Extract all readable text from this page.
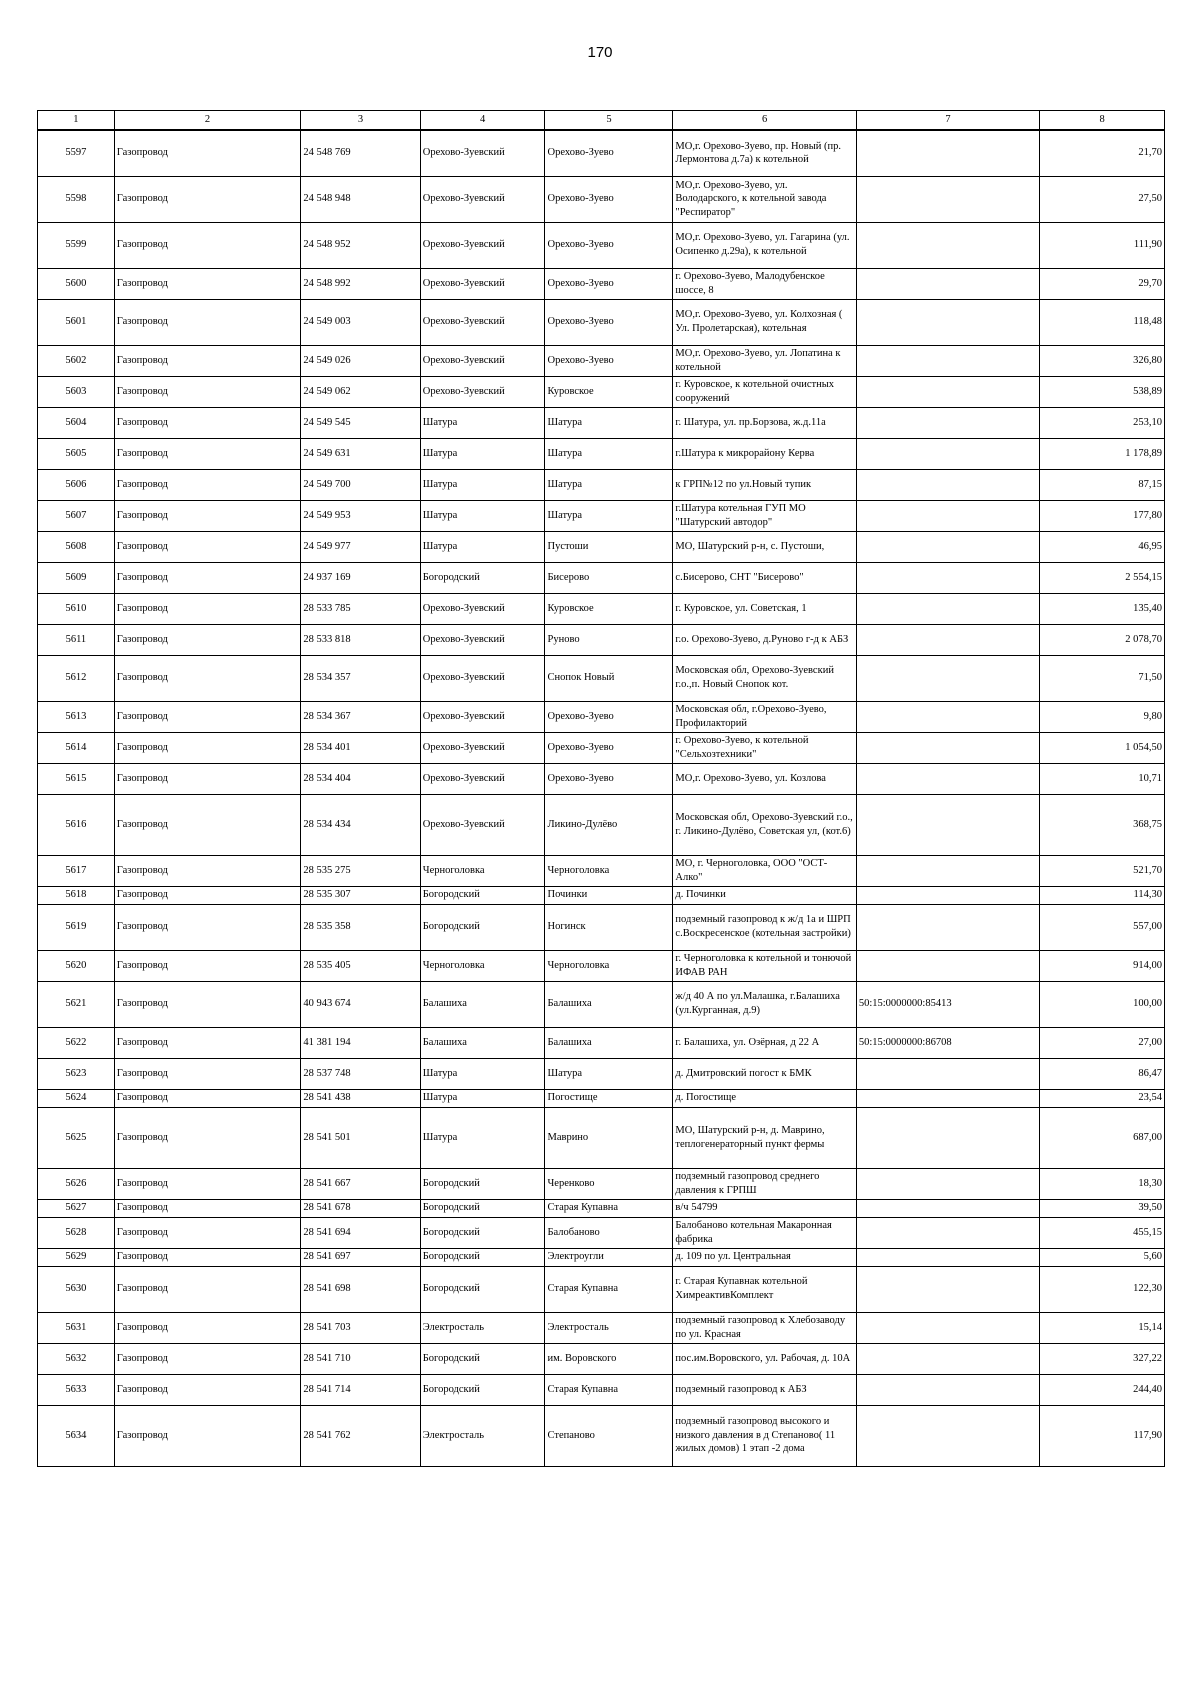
170
1	2	3	4	5	6	7	8
5597	Газопровод	24 548 769	Орехово-Зуевский	Орехово-Зуево	МО,г. Орехово-Зуево, пр. Новый (пр. Лермонтова д.7а) к котельной		21,70
5598	Газопровод	24 548 948	Орехово-Зуевский	Орехово-Зуево	МО,г. Орехово-Зуево, ул. Володарского, к котельной завода "Респиратор"		27,50
5599	Газопровод	24 548 952	Орехово-Зуевский	Орехово-Зуево	МО,г. Орехово-Зуево, ул. Гагарина (ул. Осипенко д.29а), к котельной		111,90
5600	Газопровод	24 548 992	Орехово-Зуевский	Орехово-Зуево	г. Орехово-Зуево, Малодубенское шоссе, 8		29,70
5601	Газопровод	24 549 003	Орехово-Зуевский	Орехово-Зуево	МО,г. Орехово-Зуево, ул. Колхозная ( Ул. Пролетарская), котельная		118,48
5602	Газопровод	24 549 026	Орехово-Зуевский	Орехово-Зуево	МО,г. Орехово-Зуево, ул. Лопатина к котельной		326,80
5603	Газопровод	24 549 062	Орехово-Зуевский	Куровское	г. Куровское, к котельной очистных сооружений		538,89
5604	Газопровод	24 549 545	Шатура	Шатура	г. Шатура, ул. пр.Борзова, ж.д.11а		253,10
5605	Газопровод	24 549 631	Шатура	Шатура	г.Шатура к микрорайону Керва		1 178,89
5606	Газопровод	24 549 700	Шатура	Шатура	к ГРП№12 по ул.Новый тупик		87,15
5607	Газопровод	24 549 953	Шатура	Шатура	г.Шатура котельная ГУП МО "Шатурский автодор"		177,80
5608	Газопровод	24 549 977	Шатура	Пустоши	МО, Шатурский р-н, с. Пустоши,		46,95
5609	Газопровод	24 937 169	Богородский	Бисерово	с.Бисерово, СНТ "Бисерово"		2 554,15
5610	Газопровод	28 533 785	Орехово-Зуевский	Куровское	г. Куровское, ул. Советская, 1		135,40
5611	Газопровод	28 533 818	Орехово-Зуевский	Руново	г.о. Орехово-Зуево, д.Руново г-д к АБЗ		2 078,70
5612	Газопровод	28 534 357	Орехово-Зуевский	Снопок Новый	Московская обл, Орехово-Зуевский г.о.,п. Новый Снопок кот.		71,50
5613	Газопровод	28 534 367	Орехово-Зуевский	Орехово-Зуево	Московская обл, г.Орехово-Зуево, Профилакторий		9,80
5614	Газопровод	28 534 401	Орехово-Зуевский	Орехово-Зуево	г. Орехово-Зуево, к котельной "Сельхозтехники"		1 054,50
5615	Газопровод	28 534 404	Орехово-Зуевский	Орехово-Зуево	МО,г. Орехово-Зуево, ул. Козлова		10,71
5616	Газопровод	28 534 434	Орехово-Зуевский	Ликино-Дулёво	Московская обл, Орехово-Зуевский г.о., г. Ликино-Дулёво, Советская ул, (кот.6)		368,75
5617	Газопровод	28 535 275	Черноголовка	Черноголовка	МО, г. Черноголовка, ООО "ОСТ-Алко"		521,70
5618	Газопровод	28 535 307	Богородский	Починки	д. Починки		114,30
5619	Газопровод	28 535 358	Богородский	Ногинск	подземный газопровод к ж/д 1а и ШРП с.Воскресенское (котельная застройки)		557,00
5620	Газопровод	28 535 405	Черноголовка	Черноголовка	г. Черноголовка к котельной и тонючой ИФАВ РАН		914,00
5621	Газопровод	40 943 674	Балашиха	Балашиха	ж/д 40 А по ул.Малашка, г.Балашиха (ул.Курганная, д.9)	50:15:0000000:85413	100,00
5622	Газопровод	41 381 194	Балашиха	Балашиха	г. Балашиха, ул. Озёрная, д 22 А	50:15:0000000:86708	27,00
5623	Газопровод	28 537 748	Шатура	Шатура	д. Дмитровский погост к БМК		86,47
5624	Газопровод	28 541 438	Шатура	Погостище	д. Погостище		23,54
5625	Газопровод	28 541 501	Шатура	Маврино	МО, Шатурский р-н, д. Маврино, теплогенераторный пункт фермы		687,00
5626	Газопровод	28 541 667	Богородский	Черенково	подземный газопровод среднего давления к ГРПШ		18,30
5627	Газопровод	28 541 678	Богородский	Старая Купавна	в/ч 54799		39,50
5628	Газопровод	28 541 694	Богородский	Балобаново	Балобаново котельная Макаронная фабрика		455,15
5629	Газопровод	28 541 697	Богородский	Электроугли	д. 109 по ул. Центральная		5,60
5630	Газопровод	28 541 698	Богородский	Старая Купавна	г. Старая Купавнак котельной ХимреактивКомплект		122,30
5631	Газопровод	28 541 703	Электросталь	Электросталь	подземный газопровод к Хлебозаводу по ул. Красная		15,14
5632	Газопровод	28 541 710	Богородский	им. Воровского	пос.им.Воровского, ул. Рабочая, д. 10А		327,22
5633	Газопровод	28 541 714	Богородский	Старая Купавна	подземный газопровод к АБЗ		244,40
5634	Газопровод	28 541 762	Электросталь	Степаново	подземный газопровод высокого и низкого давления в д Степаново( 11 жилых домов) 1 этап -2 дома		117,90
